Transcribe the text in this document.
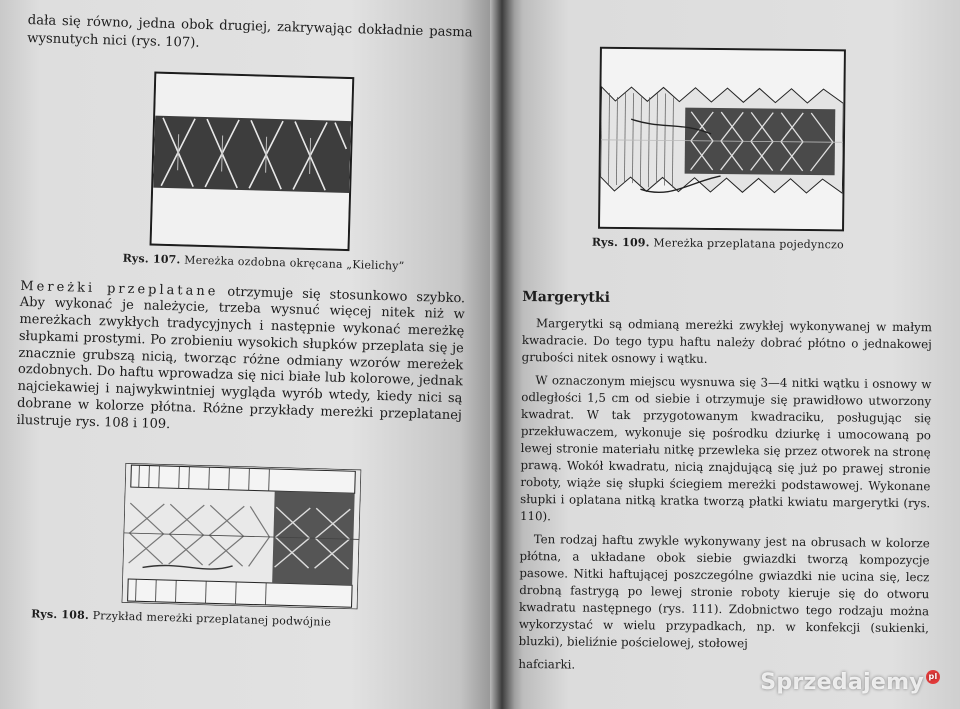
dała się równo, jedna obok drugiej, zakrywając dokładnie pasma wysnutych nici (rys. 107).

Rys. 107. Mereżka ozdobna okręcana „Kielichy”

Mereżki przeplatane otrzymuje się stosunkowo szybko. Aby wykonać je należycie, trzeba wysnuć więcej nitek niż w mereżkach zwykłych tradycyjnych i następnie wykonać mereżkę słupkami prostymi. Po zrobieniu wysokich słupków przeplata się je znacznie grubszą nicią, tworząc różne odmiany wzorów mereżek ozdobnych. Do haftu wprowadza się nici białe lub kolorowe, jednak najciekawiej i najwykwintniej wygląda wyrób wtedy, kiedy nici są dobrane w kolorze płótna. Różne przykłady mereżki przeplatanej ilustruje rys. 108 i 109.

Rys. 108. Przykład mereżki przeplatanej podwójnie

Rys. 109. Mereżka przeplatana pojedynczo

Margerytki

Margerytki są odmianą mereżki zwykłej wykonywanej w małym kwadracie. Do tego typu haftu należy dobrać płótno o jednakowej grubości nitek osnowy i wątku.

W oznaczonym miejscu wysnuwa się 3—4 nitki wątku i osnowy w odległości 1,5 cm od siebie i otrzymuje się prawidłowo utworzony kwadrat. W tak przygotowanym kwadraciku, posługując się przekłuwaczem, wykonuje się pośrodku dziurkę i umocowaną po lewej stronie materiału nitkę przewleka się przez otworek na stronę prawą. Wokół kwadratu, nicią znajdującą się już po prawej stronie roboty, wiąże się słupki ściegiem mereżki podstawowej. Wykonane słupki i oplatana nitką kratka tworzą płatki kwiatu margerytki (rys. 110).

Ten rodzaj haftu zwykle wykonywany jest na obrusach w kolorze płótna, a układane obok siebie gwiazdki tworzą kompozycje pasowe. Nitki haftującej poszczególne gwiazdki nie ucina się, lecz drobną fastrygą po lewej stronie roboty kieruje się do otworu kwadratu następnego (rys. 111). Zdobnictwo tego rodzaju można wykorzystać w wielu przypadkach, np. w konfekcji (sukienki, bluzki), bieliźnie pościelowej, stołowej

hafciarki.

Sprzedajemy pl
